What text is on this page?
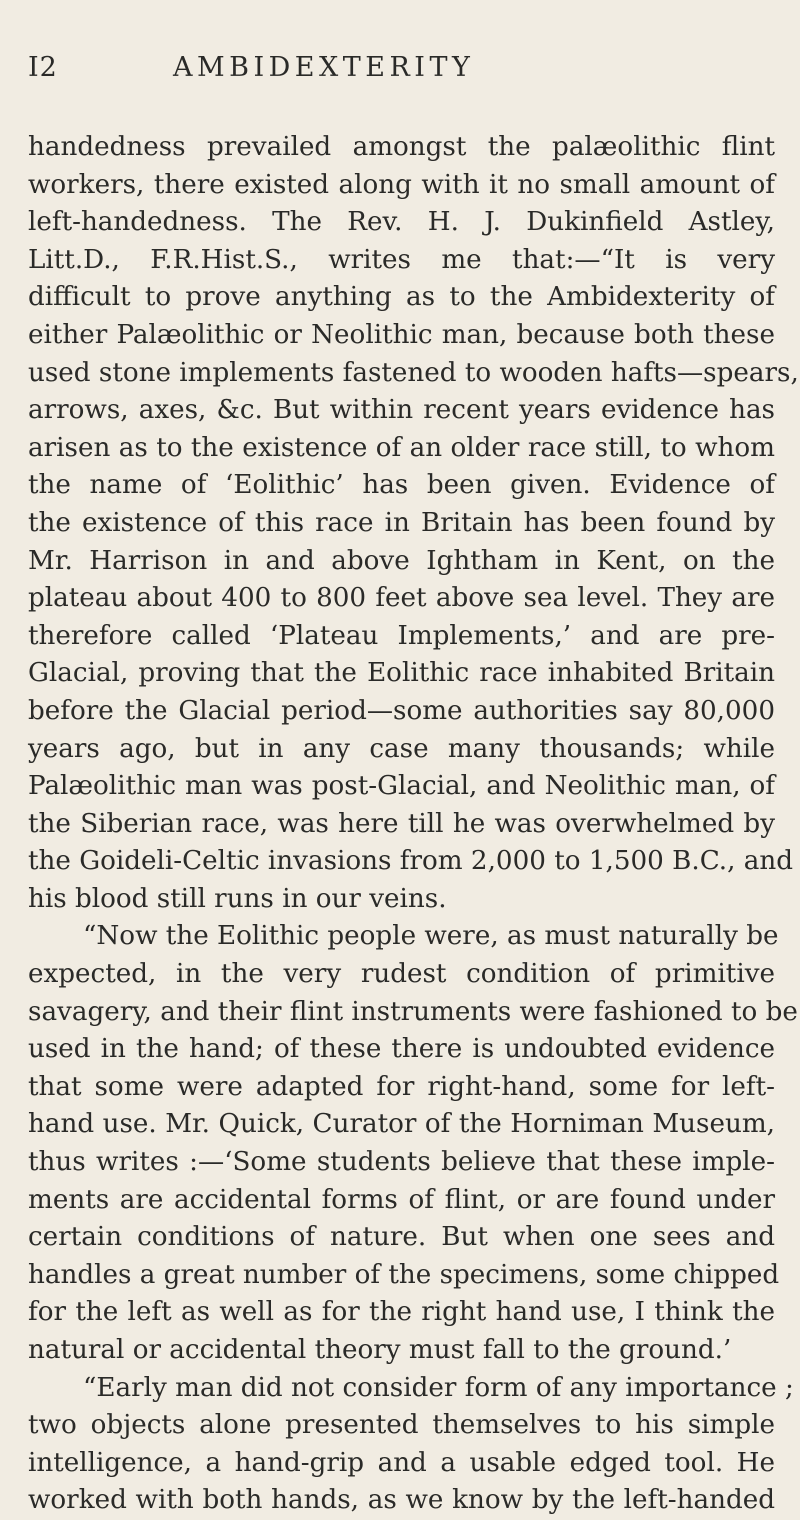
I2	AMBIDEXTERITY
handedness prevailed amongst the palæolithic flint
workers, there existed along with it no small amount of
left-handedness. The Rev. H. J. Dukinfield Astley,
Litt.D., F.R.Hist.S., writes me that:—“It is very
difficult to prove anything as to the Ambidexterity of
either Palæolithic or Neolithic man, because both these
used stone implements fastened to wooden hafts—spears,
arrows, axes, &c. But within recent years evidence has
arisen as to the existence of an older race still, to whom
the name of ‘Eolithic’ has been given. Evidence of
the existence of this race in Britain has been found by
Mr. Harrison in and above Ightham in Kent, on the
plateau about 400 to 800 feet above sea level. They are
therefore called ‘Plateau Implements,’ and are pre-
Glacial, proving that the Eolithic race inhabited Britain
before the Glacial period—some authorities say 80,000
years ago, but in any case many thousands; while
Palæolithic man was post-Glacial, and Neolithic man, of
the Siberian race, was here till he was overwhelmed by
the Goideli-Celtic invasions from 2,000 to 1,500 B.C., and
his blood still runs in our veins.
“Now the Eolithic people were, as must naturally be
expected, in the very rudest condition of primitive
savagery, and their flint instruments were fashioned to be
used in the hand; of these there is undoubted evidence
that some were adapted for right-hand, some for left-
hand use. Mr. Quick, Curator of the Horniman Museum,
thus writes :—‘Some students believe that these imple-
ments are accidental forms of flint, or are found under
certain conditions of nature. But when one sees and
handles a great number of the specimens, some chipped
for the left as well as for the right hand use, I think the
natural or accidental theory must fall to the ground.’
“Early man did not consider form of any importance ;
two objects alone presented themselves to his simple
intelligence, a hand-grip and a usable edged tool. He
worked with both hands, as we know by the left-handed
